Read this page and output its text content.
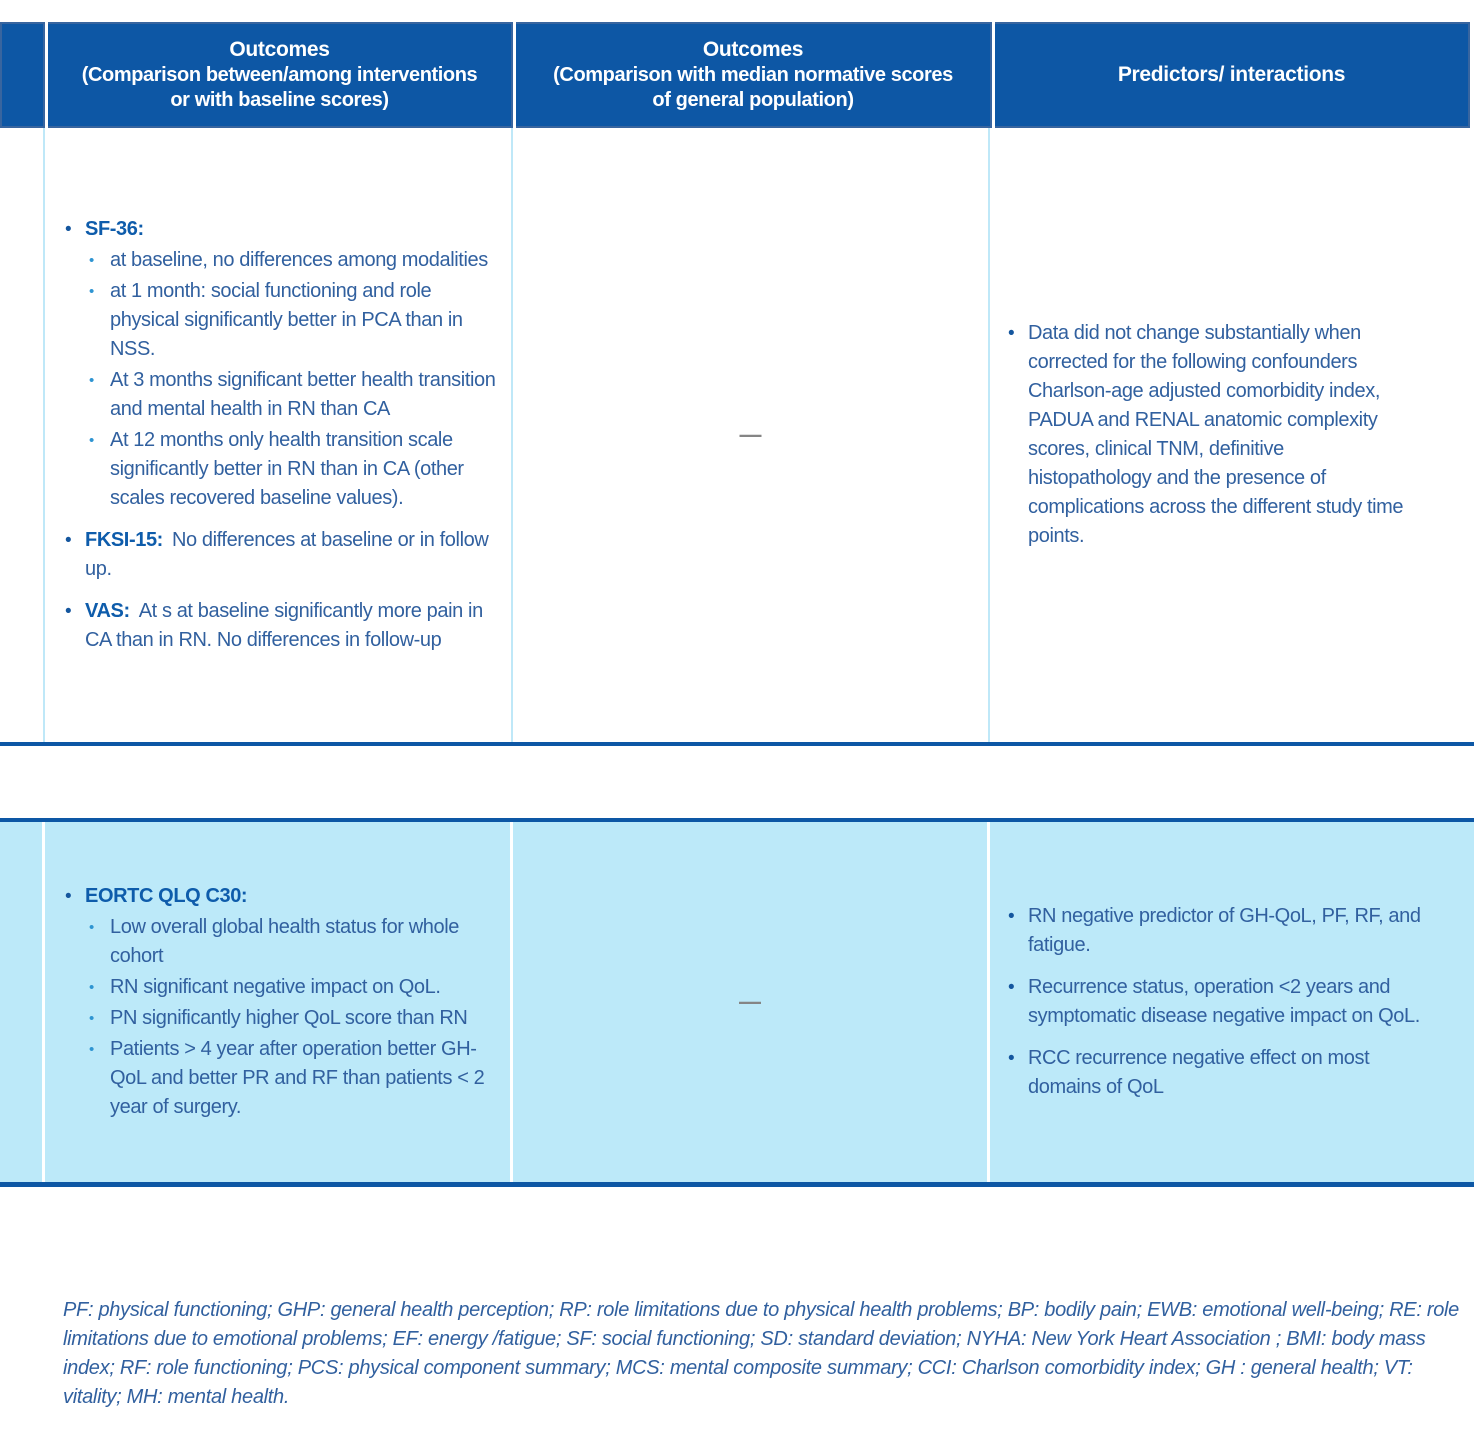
Outcomes
(Comparison between/among interventions or with baseline scores)
Outcomes
(Comparison with median normative scores of general population)
Predictors/ interactions
• SF-36:
• at baseline, no differences among modalities
• at 1 month: social functioning and role physical significantly better in PCA than in NSS.
• At 3 months significant better health transition and mental health in RN than CA
• At 12 months only health transition scale significantly better in RN than in CA (other scales recovered baseline values).
• FKSI-15: No differences at baseline or in follow up.
• VAS: At s at baseline significantly more pain in CA than in RN. No differences in follow-up
—
• Data did not change substantially when corrected for the following confounders Charlson-age adjusted comorbidity index, PADUA and RENAL anatomic complexity scores, clinical TNM, definitive histopathology and the presence of complications across the different study time points.
• EORTC QLQ C30:
• Low overall global health status for whole cohort
• RN significant negative impact on QoL.
• PN significantly higher QoL score than RN
• Patients > 4 year after operation better GH-QoL and better PR and RF than patients < 2 year of surgery.
—
• RN negative predictor of GH-QoL, PF, RF, and fatigue.
• Recurrence status, operation <2 years and symptomatic disease negative impact on QoL.
• RCC recurrence negative effect on most domains of QoL
PF: physical functioning; GHP: general health perception; RP: role limitations due to physical health problems; BP: bodily pain; EWB: emotional well-being; RE: role limitations due to emotional problems; EF: energy /fatigue; SF: social functioning; SD: standard deviation; NYHA: New York Heart Association ; BMI: body mass index; RF: role functioning; PCS: physical component summary; MCS: mental composite summary; CCI: Charlson comorbidity index; GH : general health; VT: vitality; MH: mental health.
